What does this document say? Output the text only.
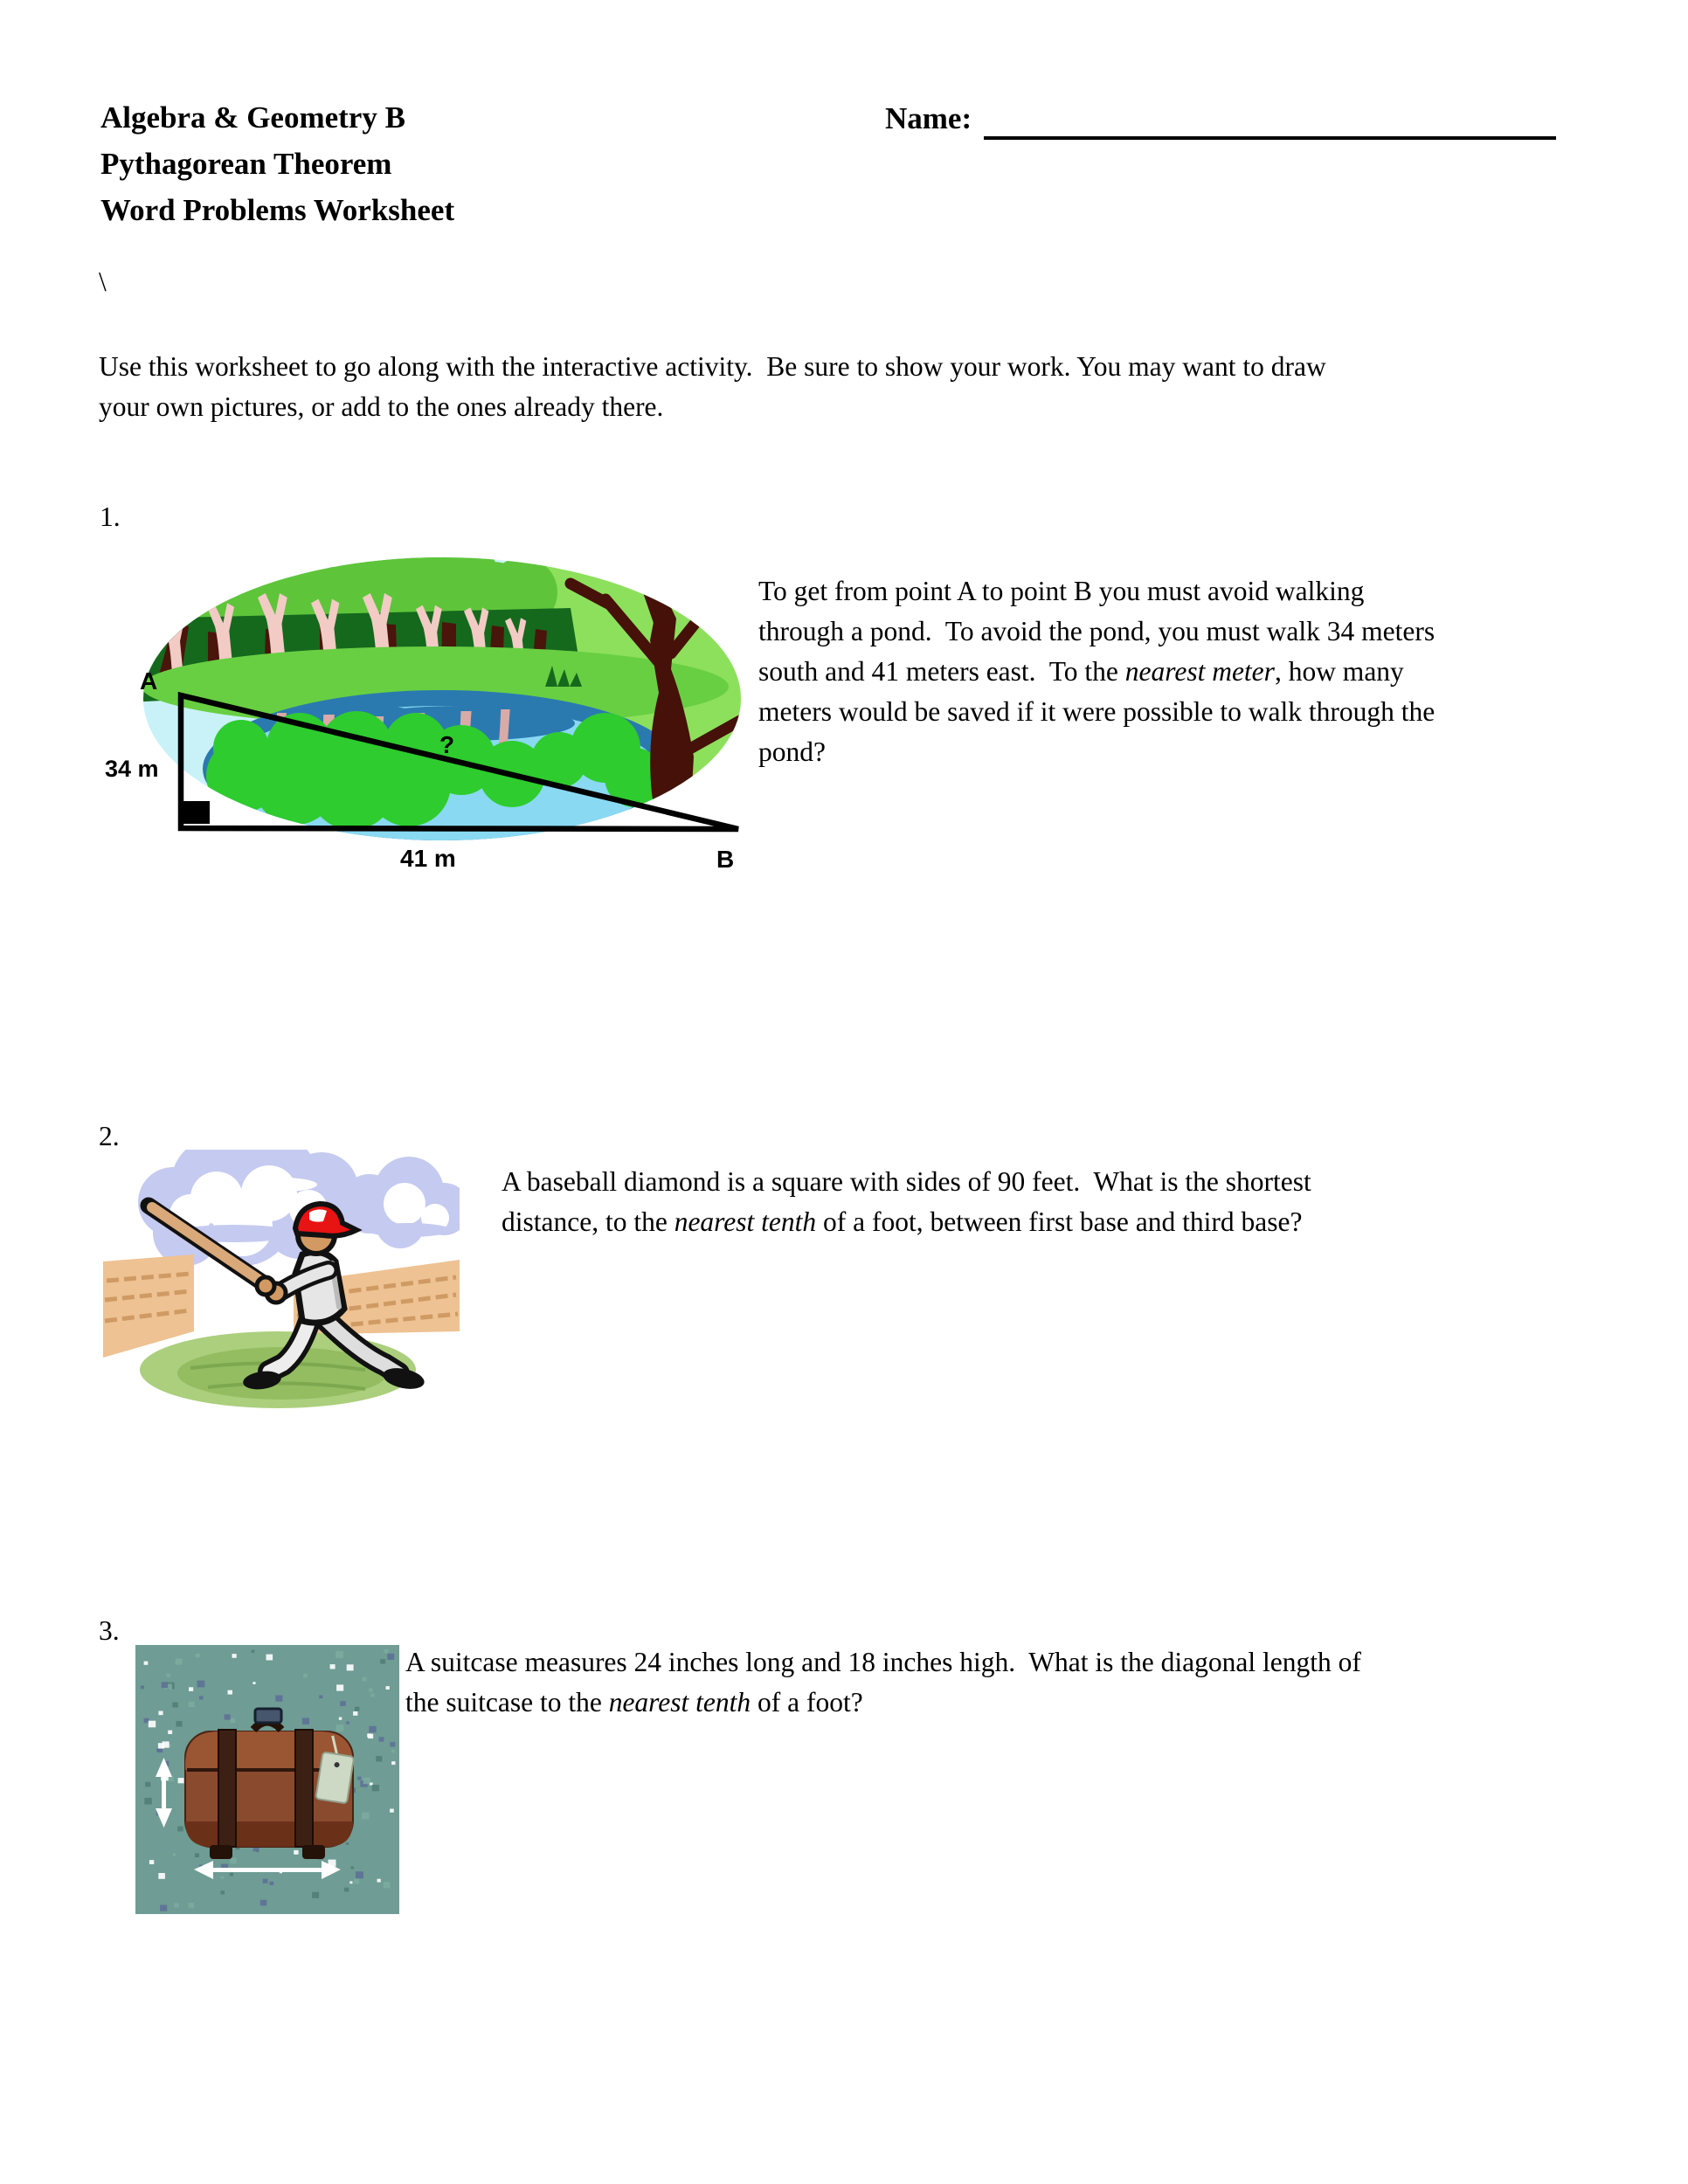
Algebra & Geometry B
Pythagorean Theorem
Word Problems Worksheet
Name:
\
Use this worksheet to go along with the interactive activity.  Be sure to show your work. You may want to draw
your own pictures, or add to the ones already there.
1.
A
34 m
41 m	B
?
To get from point A to point B you must avoid walking
through a pond.  To avoid the pond, you must walk 34 meters
south and 41 meters east.  To the nearest meter, how many
meters would be saved if it were possible to walk through the
pond?
2.
A baseball diamond is a square with sides of 90 feet.  What is the shortest
distance, to the nearest tenth of a foot, between first base and third base?
3.
A suitcase measures 24 inches long and 18 inches high.  What is the diagonal length of
the suitcase to the nearest tenth of a foot?
